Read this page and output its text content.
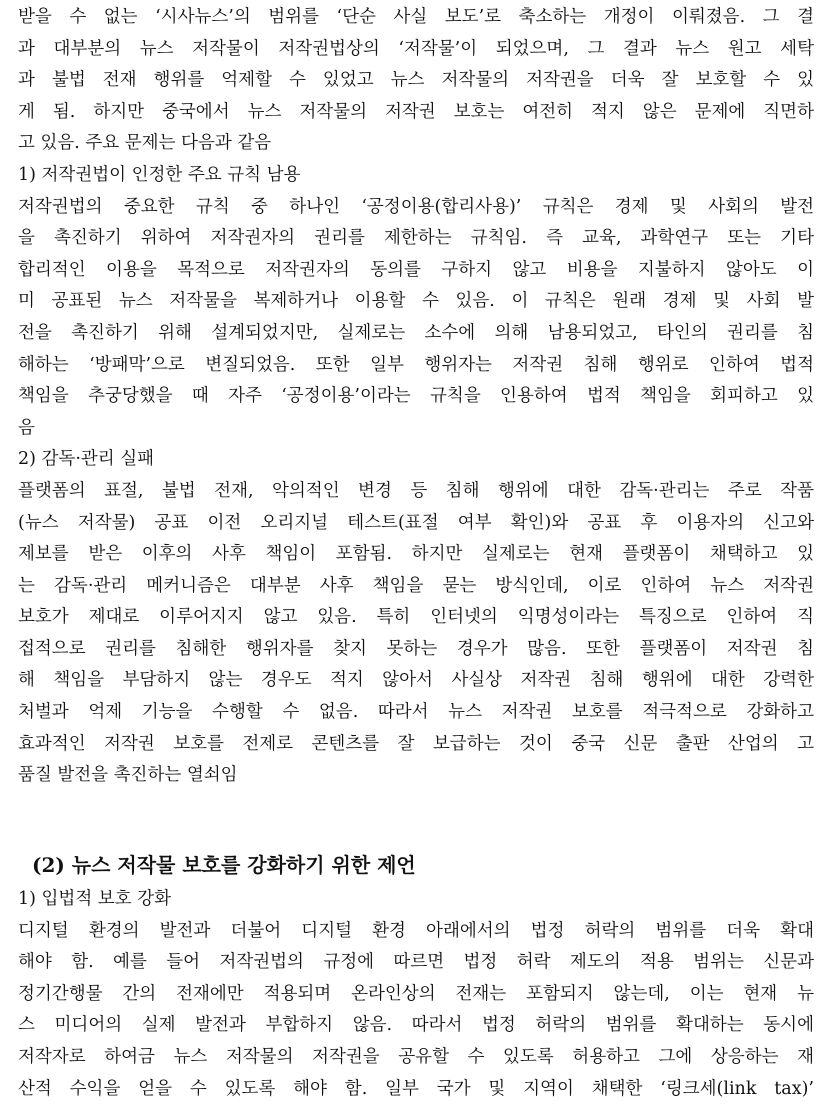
받을 수 없는 ‘시사뉴스’의 범위를 ‘단순 사실 보도’로 축소하는 개정이 이뤄졌음. 그 결
과 대부분의 뉴스 저작물이 저작권법상의 ‘저작물’이 되었으며, 그 결과 뉴스 원고 세탁
과 불법 전재 행위를 억제할 수 있었고 뉴스 저작물의 저작권을 더욱 잘 보호할 수 있
게 됨. 하지만 중국에서 뉴스 저작물의 저작권 보호는 여전히 적지 않은 문제에 직면하
고 있음. 주요 문제는 다음과 같음
1) 저작권법이 인정한 주요 규칙 남용
저작권법의 중요한 규칙 중 하나인 ‘공정이용(합리사용)’ 규칙은 경제 및 사회의 발전
을 촉진하기 위하여 저작권자의 권리를 제한하는 규칙임. 즉 교육, 과학연구 또는 기타
합리적인 이용을 목적으로 저작권자의 동의를 구하지 않고 비용을 지불하지 않아도 이
미 공표된 뉴스 저작물을 복제하거나 이용할 수 있음. 이 규칙은 원래 경제 및 사회 발
전을 촉진하기 위해 설계되었지만, 실제로는 소수에 의해 남용되었고, 타인의 권리를 침
해하는 ‘방패막’으로 변질되었음. 또한 일부 행위자는 저작권 침해 행위로 인하여 법적
책임을 추궁당했을 때 자주 ‘공정이용’이라는 규칙을 인용하여 법적 책임을 회피하고 있
음
2) 감독·관리 실패
플랫폼의 표절, 불법 전재, 악의적인 변경 등 침해 행위에 대한 감독·관리는 주로 작품
(뉴스 저작물) 공표 이전 오리지널 테스트(표절 여부 확인)와 공표 후 이용자의 신고와
제보를 받은 이후의 사후 책임이 포함됨. 하지만 실제로는 현재 플랫폼이 채택하고 있
는 감독·관리 메커니즘은 대부분 사후 책임을 묻는 방식인데, 이로 인하여 뉴스 저작권
보호가 제대로 이루어지지 않고 있음. 특히 인터넷의 익명성이라는 특징으로 인하여 직
접적으로 권리를 침해한 행위자를 찾지 못하는 경우가 많음. 또한 플랫폼이 저작권 침
해 책임을 부담하지 않는 경우도 적지 않아서 사실상 저작권 침해 행위에 대한 강력한
처벌과 억제 기능을 수행할 수 없음. 따라서 뉴스 저작권 보호를 적극적으로 강화하고
효과적인 저작권 보호를 전제로 콘텐츠를 잘 보급하는 것이 중국 신문 출판 산업의 고
품질 발전을 촉진하는 열쇠임
(2) 뉴스 저작물 보호를 강화하기 위한 제언
1) 입법적 보호 강화
디지털 환경의 발전과 더불어 디지털 환경 아래에서의 법정 허락의 범위를 더욱 확대
해야 함. 예를 들어 저작권법의 규정에 따르면 법정 허락 제도의 적용 범위는 신문과
정기간행물 간의 전재에만 적용되며 온라인상의 전재는 포함되지 않는데, 이는 현재 뉴
스 미디어의 실제 발전과 부합하지 않음. 따라서 법정 허락의 범위를 확대하는 동시에
저작자로 하여금 뉴스 저작물의 저작권을 공유할 수 있도록 허용하고 그에 상응하는 재
산적 수익을 얻을 수 있도록 해야 함. 일부 국가 및 지역이 채택한 ‘링크세(link tax)’
